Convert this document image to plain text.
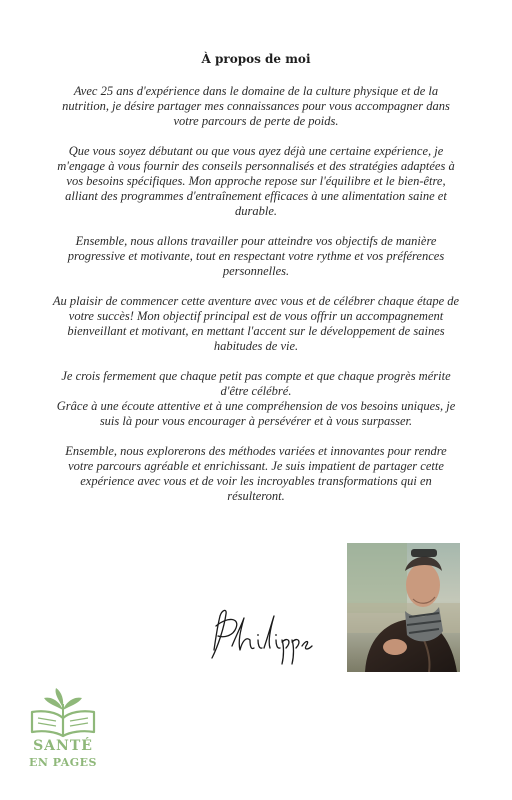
À propos de moi

Avec 25 ans d'expérience dans le domaine de la culture physique et de la nutrition, je désire partager mes connaissances pour vous accompagner dans votre parcours de perte de poids.

Que vous soyez débutant ou que vous ayez déjà une certaine expérience, je m'engage à vous fournir des conseils personnalisés et des stratégies adaptées à vos besoins spécifiques. Mon approche repose sur l'équilibre et le bien-être, alliant des programmes d'entraînement efficaces à une alimentation saine et durable.

Ensemble, nous allons travailler pour atteindre vos objectifs de manière progressive et motivante, tout en respectant votre rythme et vos préférences personnelles.

Au plaisir de commencer cette aventure avec vous et de célébrer chaque étape de votre succès! Mon objectif principal est de vous offrir un accompagnement bienveillant et motivant, en mettant l'accent sur le développement de saines habitudes de vie.

Je crois fermement que chaque petit pas compte et que chaque progrès mérite d'être célébré.

Grâce à une écoute attentive et à une compréhension de vos besoins uniques, je suis là pour vous encourager à persévérer et à vous surpasser.

Ensemble, nous explorerons des méthodes variées et innovantes pour rendre votre parcours agréable et enrichissant. Je suis impatient de partager cette expérience avec vous et de voir les incroyables transformations qui en résulteront.

SANTÉ
EN PAGES
